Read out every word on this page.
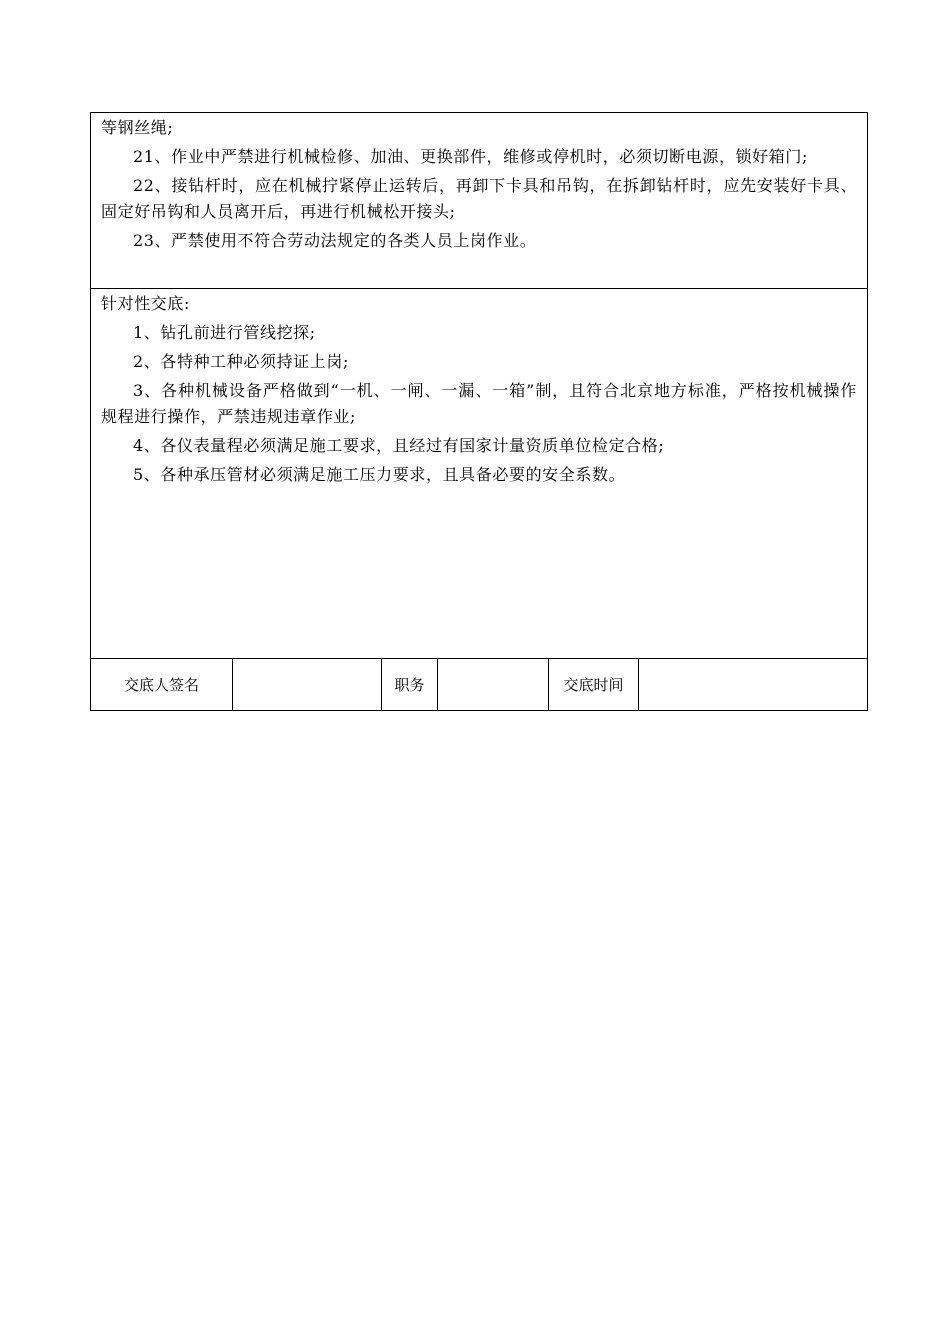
等钢丝绳;

21、作业中严禁进行机械检修、加油、更换部件，维修或停机时，必须切断电源，锁好箱门;

22、接钻杆时，应在机械拧紧停止运转后，再卸下卡具和吊钩，在拆卸钻杆时，应先安装好卡具、固定好吊钩和人员离开后，再进行机械松开接头;

23、严禁使用不符合劳动法规定的各类人员上岗作业。

针对性交底:

1、钻孔前进行管线挖探;

2、各特种工种必须持证上岗;

3、各种机械设备严格做到“一机、一闸、一漏、一箱”制，且符合北京地方标准，严格按机械操作规程进行操作，严禁违规违章作业;

4、各仪表量程必须满足施工要求，且经过有国家计量资质单位检定合格;

5、各种承压管材必须满足施工压力要求，且具备必要的安全系数。

交底人签名		职务		交底时间	
